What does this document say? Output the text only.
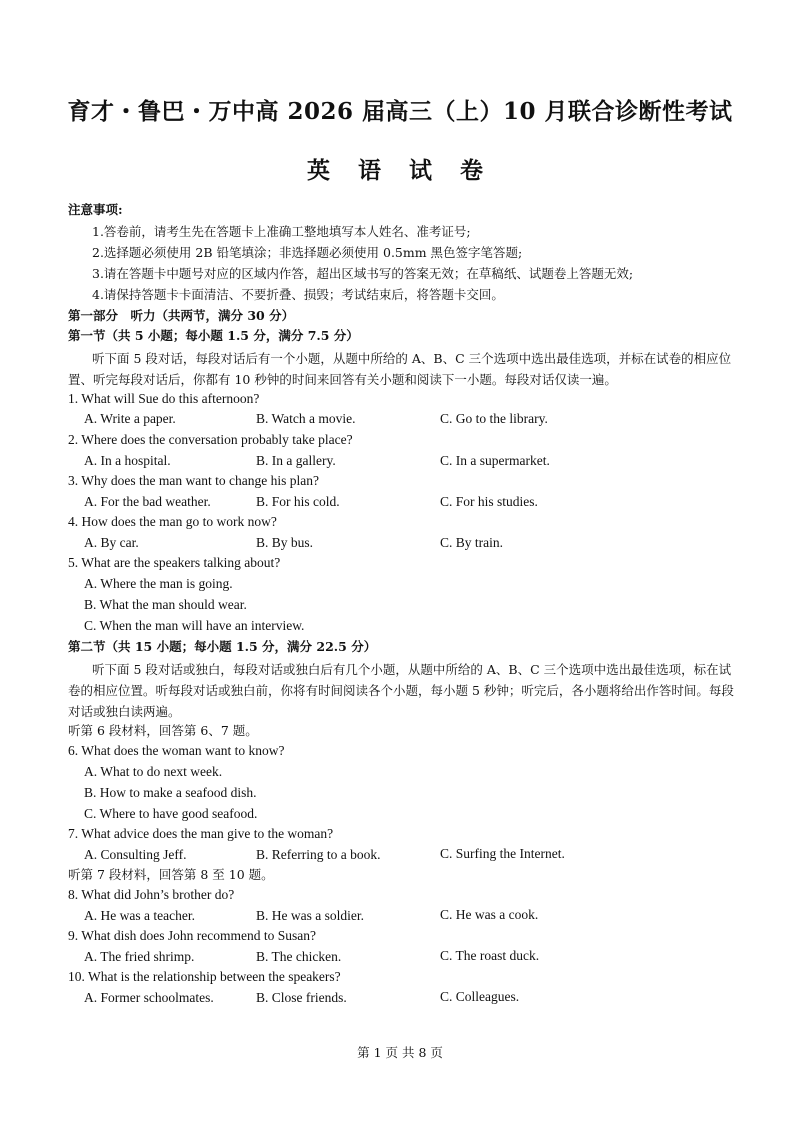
育才・鲁巴・万中高 2026 届高三（上）10 月联合诊断性考试
英 语 试 卷
注意事项:
1.答卷前，请考生先在答题卡上准确工整地填写本人姓名、准考证号;
2.选择题必须使用 2B 铅笔填涂；非选择题必须使用 0.5mm 黑色签字笔答题;
3.请在答题卡中题号对应的区域内作答，超出区域书写的答案无效；在草稿纸、试题卷上答题无效;
4.请保持答题卡卡面清洁、不要折叠、损毁；考试结束后，将答题卡交回。
第一部分　听力（共两节，满分 30 分）
第一节（共 5 小题；每小题 1.5 分，满分 7.5 分）
听下面 5 段对话，每段对话后有一个小题，从题中所给的 A、B、C 三个选项中选出最佳选项，并标在试卷的相应位置、听完每段对话后，你都有 10 秒钟的时间来回答有关小题和阅读下一小题。每段对话仅读一遍。
1. What will Sue do this afternoon?
A. Write a paper.	B. Watch a movie.	C. Go to the library.
2. Where does the conversation probably take place?
A. In a hospital.	B. In a gallery.	C. In a supermarket.
3. Why does the man want to change his plan?
A. For the bad weather.	B. For his cold.	C. For his studies.
4. How does the man go to work now?
A. By car.	B. By bus.	C. By train.
5. What are the speakers talking about?
A. Where the man is going.
B. What the man should wear.
C. When the man will have an interview.
第二节（共 15 小题；每小题 1.5 分，满分 22.5 分）
听下面 5 段对话或独白，每段对话或独白后有几个小题，从题中所给的 A、B、C 三个选项中选出最佳选项，标在试卷的相应位置。听每段对话或独白前，你将有时间阅读各个小题，每小题 5 秒钟；听完后，各小题将给出作答时间。每段对话或独白读两遍。
听第 6 段材料，回答第 6、7 题。
6. What does the woman want to know?
A. What to do next week.
B. How to make a seafood dish.
C. Where to have good seafood.
7. What advice does the man give to the woman?
A. Consulting Jeff.	B. Referring to a book.	C. Surfing the Internet.
听第 7 段材料，回答第 8 至 10 题。
8. What did John’s brother do?
A. He was a teacher.	B. He was a soldier.	C. He was a cook.
9. What dish does John recommend to Susan?
A. The fried shrimp.	B. The chicken.	C. The roast duck.
10. What is the relationship between the speakers?
A. Former schoolmates.	B. Close friends.	C. Colleagues.
第 1 页 共 8 页
